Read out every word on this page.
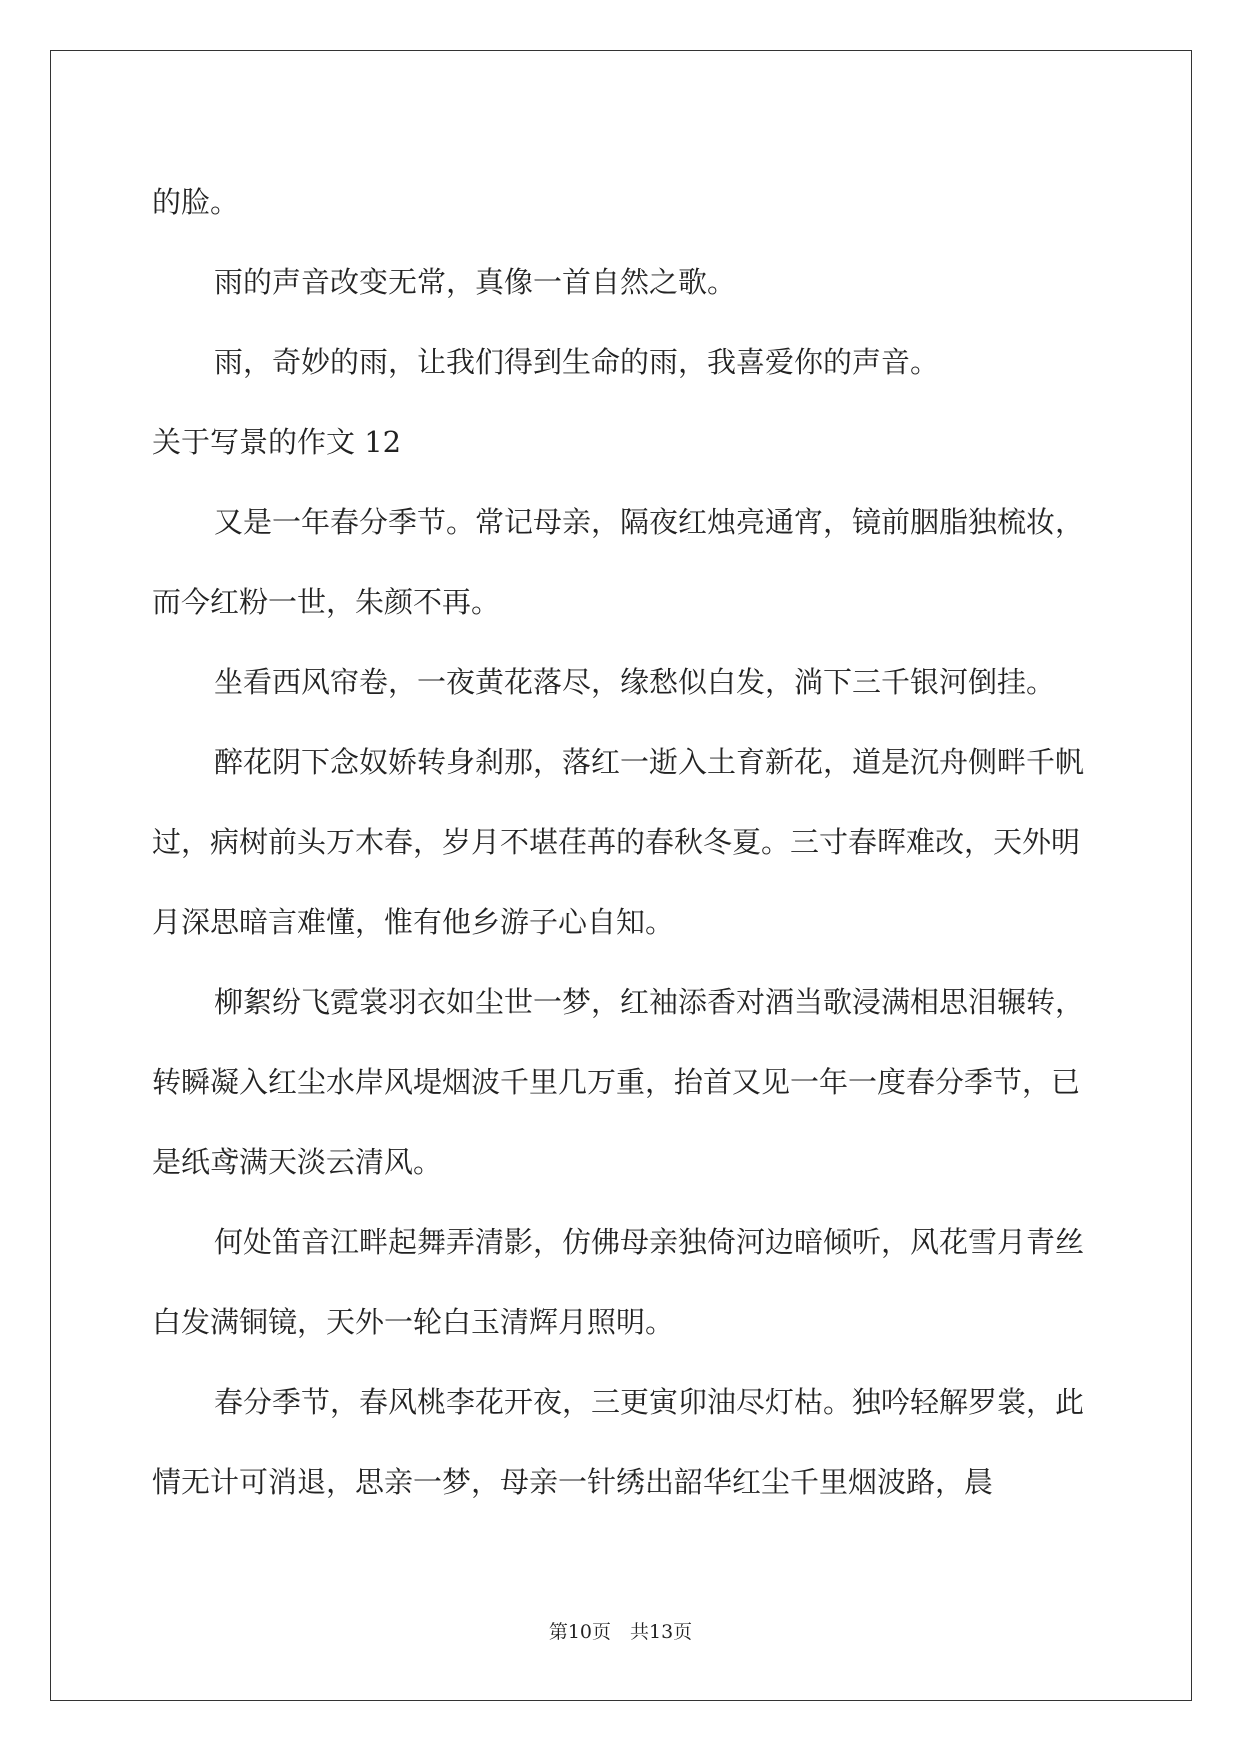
的脸。

雨的声音改变无常，真像一首自然之歌。

雨，奇妙的雨，让我们得到生命的雨，我喜爱你的声音。

关于写景的作文 12

又是一年春分季节。常记母亲，隔夜红烛亮通宵，镜前胭脂独梳妆，而今红粉一世，朱颜不再。

坐看西风帘卷，一夜黄花落尽，缘愁似白发，淌下三千银河倒挂。

醉花阴下念奴娇转身刹那，落红一逝入土育新花，道是沉舟侧畔千帆过，病树前头万木春，岁月不堪荏苒的春秋冬夏。三寸春晖难改，天外明月深思暗言难懂，惟有他乡游子心自知。

柳絮纷飞霓裳羽衣如尘世一梦，红袖添香对酒当歌浸满相思泪辗转，转瞬凝入红尘水岸风堤烟波千里几万重，抬首又见一年一度春分季节，已是纸鸢满天淡云清风。

何处笛音江畔起舞弄清影，仿佛母亲独倚河边暗倾听，风花雪月青丝白发满铜镜，天外一轮白玉清辉月照明。

春分季节，春风桃李花开夜，三更寅卯油尽灯枯。独吟轻解罗裳，此情无计可消退，思亲一梦，母亲一针绣出韶华红尘千里烟波路，晨

第10页　共13页
